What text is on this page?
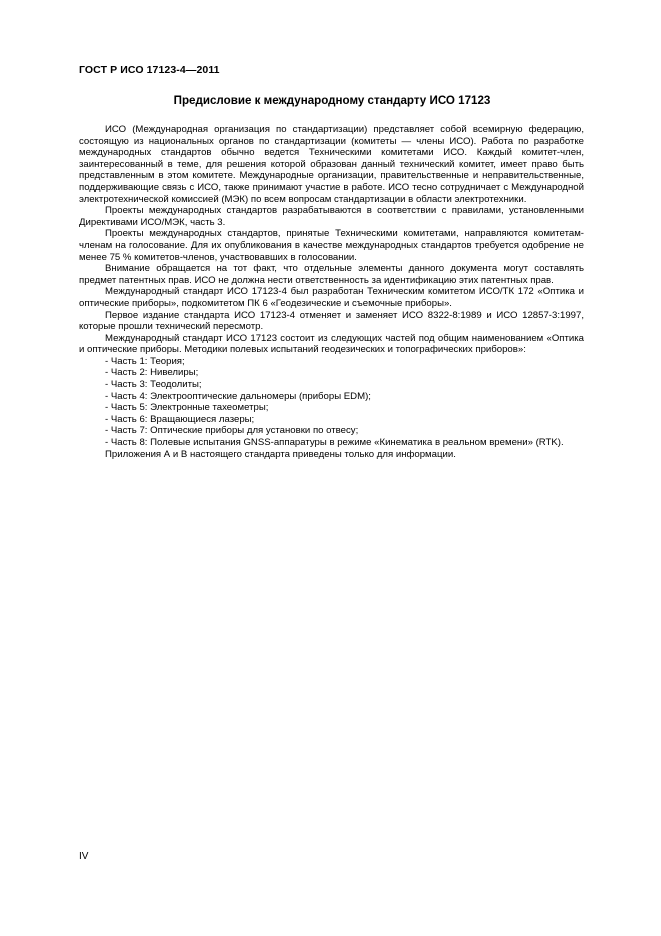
ГОСТ Р ИСО 17123-4—2011
Предисловие к международному стандарту ИСО 17123

ИСО (Международная организация по стандартизации) представляет собой всемирную федерацию, состоящую из национальных органов по стандартизации (комитеты — члены ИСО). Работа по разработке международных стандартов обычно ведется Техническими комитетами ИСО. Каждый комитет-член, заинтересованный в теме, для решения которой образован данный технический комитет, имеет право быть представленным в этом комитете. Международные организации, правительственные и неправительственные, поддерживающие связь с ИСО, также принимают участие в работе. ИСО тесно сотрудничает с Международной электротехнической комиссией (МЭК) по всем вопросам стандартизации в области электротехники.

Проекты международных стандартов разрабатываются в соответствии с правилами, установленными Директивами ИСО/МЭК, часть 3.

Проекты международных стандартов, принятые Техническими комитетами, направляются комитетам-членам на голосование. Для их опубликования в качестве международных стандартов требуется одобрение не менее 75 % комитетов-членов, участвовавших в голосовании.

Внимание обращается на тот факт, что отдельные элементы данного документа могут составлять предмет патентных прав. ИСО не должна нести ответственность за идентификацию этих патентных прав.

Международный стандарт ИСО 17123-4 был разработан Техническим комитетом ИСО/ТК 172 «Оптика и оптические приборы», подкомитетом ПК 6 «Геодезические и съемочные приборы».

Первое издание стандарта ИСО 17123-4 отменяет и заменяет ИСО 8322-8:1989 и ИСО 12857-3:1997, которые прошли технический пересмотр.

Международный стандарт ИСО 17123 состоит из следующих частей под общим наименованием «Оптика и оптические приборы. Методики полевых испытаний геодезических и топографических приборов»:

- Часть 1: Теория;
- Часть 2: Нивелиры;
- Часть 3: Теодолиты;
- Часть 4: Электрооптические дальномеры (приборы EDM);
- Часть 5: Электронные тахеометры;
- Часть 6: Вращающиеся лазеры;
- Часть 7: Оптические приборы для установки по отвесу;
- Часть 8: Полевые испытания GNSS-аппаратуры в режиме «Кинематика в реальном времени» (RTK).

Приложения А и В настоящего стандарта приведены только для информации.

IV
